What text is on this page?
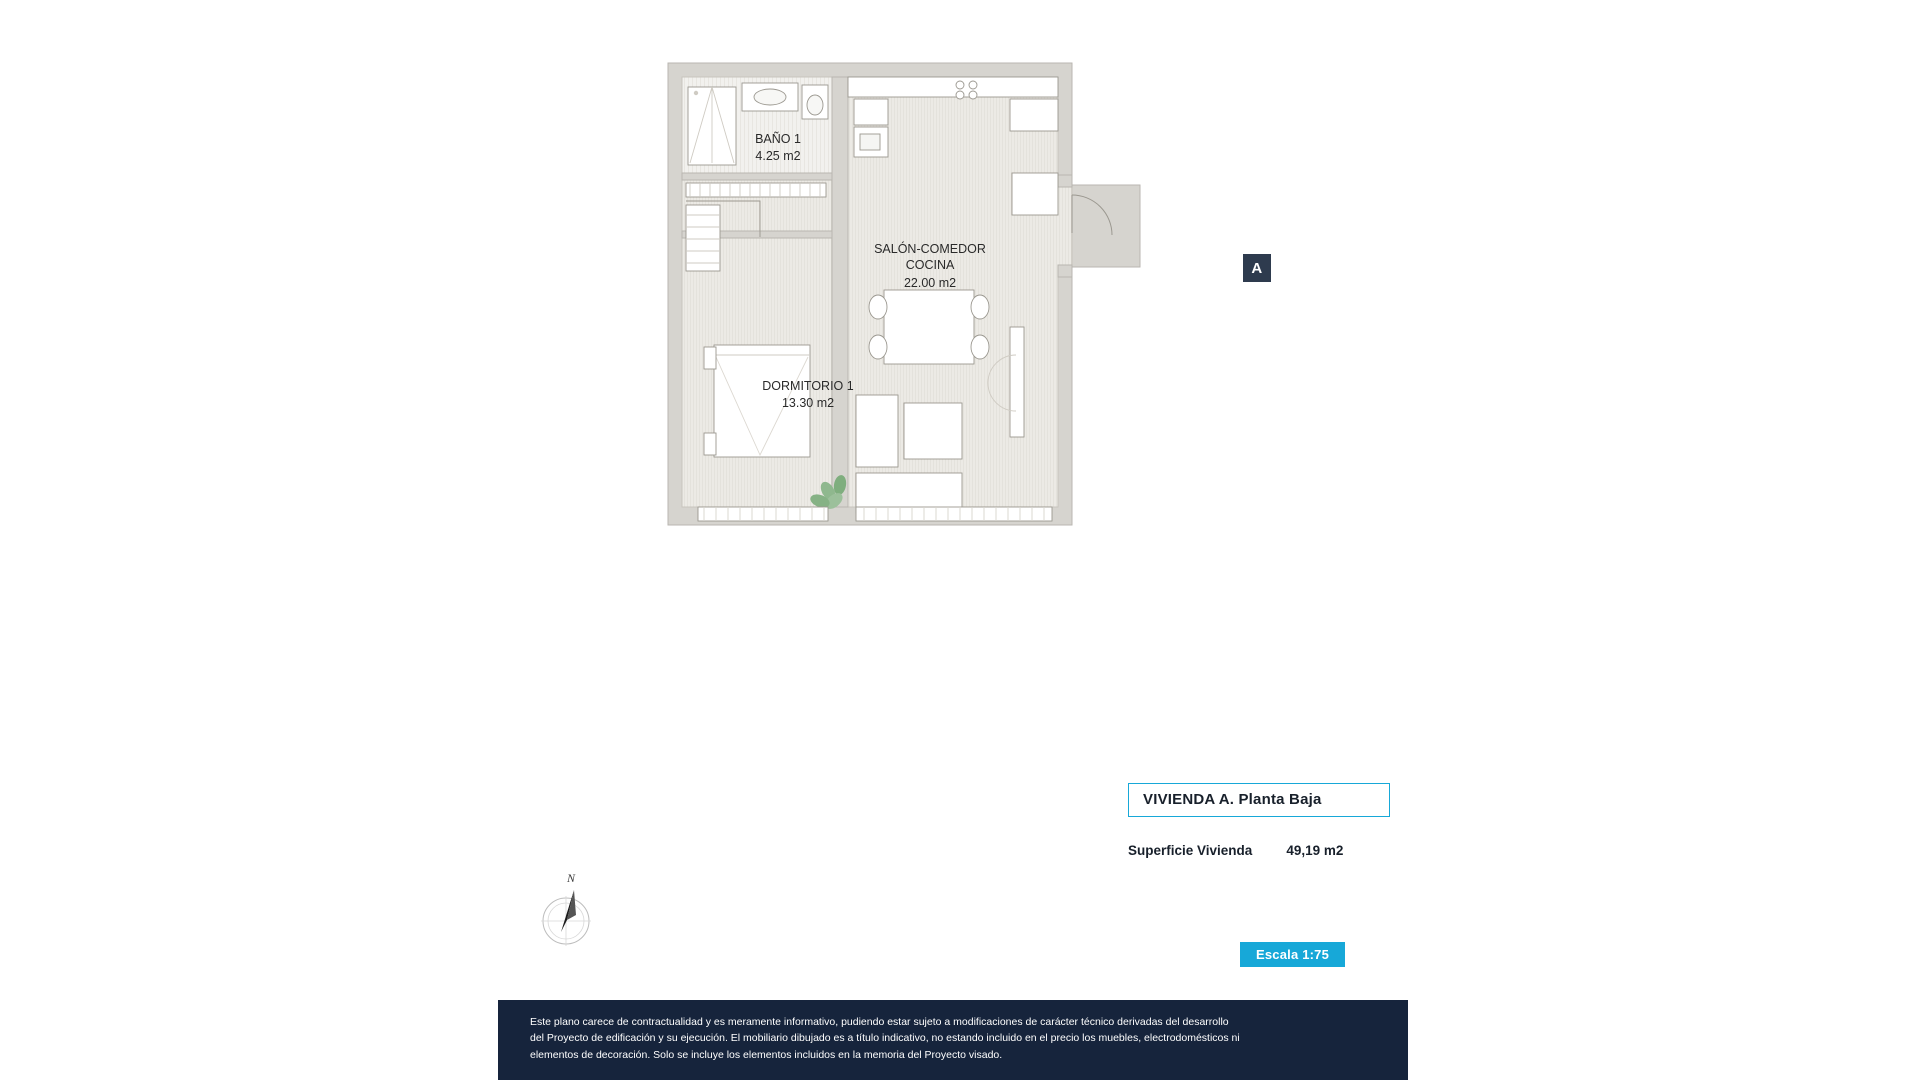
BAÑO 1
4.25 m2
SALÓN-COMEDOR
COCINA
22.00 m2
DORMITORIO 1
13.30 m2
A
VIVIENDA A. Planta Baja
Superficie Vivienda	49,19 m2
Escala 1:75
N
Este plano carece de contractualidad y es meramente informativo, pudiendo estar sujeto a modificaciones de carácter técnico derivadas del desarrollo
del Proyecto de edificación y su ejecución. El mobiliario dibujado es a título indicativo, no estando incluido en el precio los muebles, electrodomésticos ni
elementos de decoración. Solo se incluye los elementos incluidos en la memoria del Proyecto visado.
